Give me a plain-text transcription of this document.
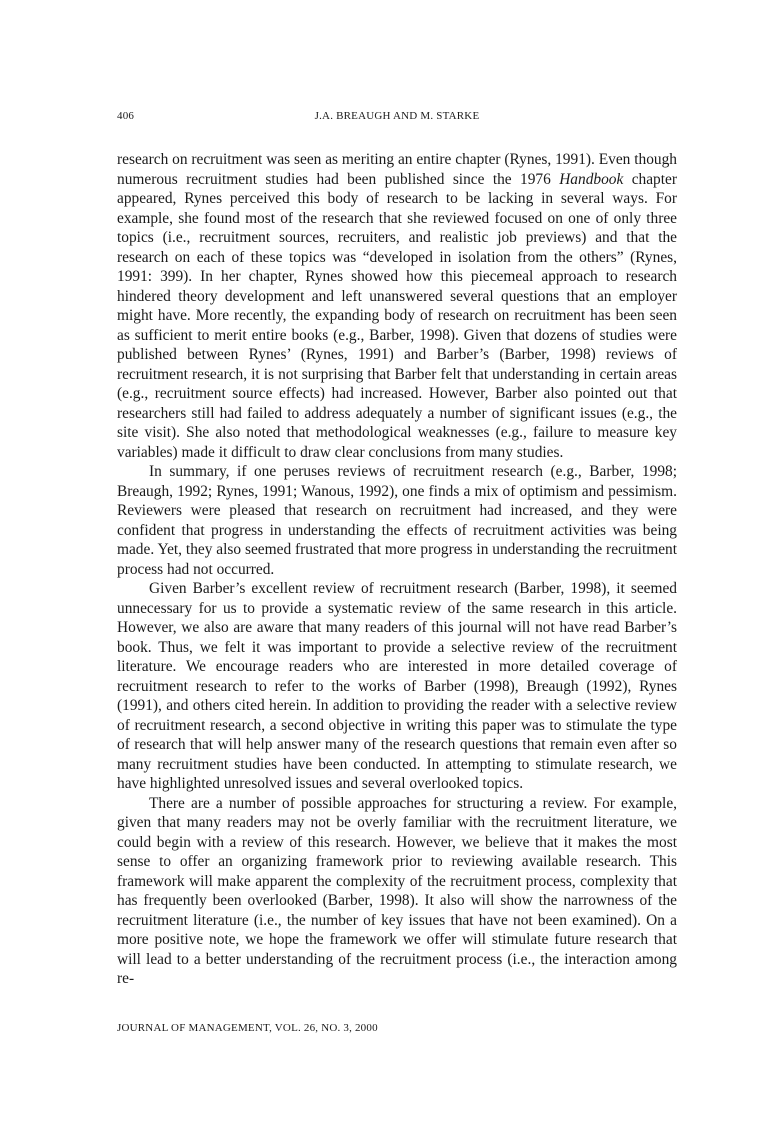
406	J.A. BREAUGH AND M. STARKE

research on recruitment was seen as meriting an entire chapter (Rynes, 1991). Even though numerous recruitment studies had been published since the 1976 Handbook chapter appeared, Rynes perceived this body of research to be lacking in several ways. For example, she found most of the research that she reviewed focused on one of only three topics (i.e., recruitment sources, recruiters, and realistic job previews) and that the research on each of these topics was “developed in isolation from the others” (Rynes, 1991: 399). In her chapter, Rynes showed how this piecemeal approach to research hindered theory development and left unanswered several questions that an employer might have. More recently, the expanding body of research on recruitment has been seen as sufficient to merit entire books (e.g., Barber, 1998). Given that dozens of studies were published between Rynes’ (Rynes, 1991) and Barber’s (Barber, 1998) reviews of recruitment research, it is not surprising that Barber felt that understanding in certain areas (e.g., recruitment source effects) had increased. However, Barber also pointed out that researchers still had failed to address adequately a number of significant issues (e.g., the site visit). She also noted that methodological weaknesses (e.g., failure to measure key variables) made it difficult to draw clear conclusions from many studies.

In summary, if one peruses reviews of recruitment research (e.g., Barber, 1998; Breaugh, 1992; Rynes, 1991; Wanous, 1992), one finds a mix of optimism and pessimism. Reviewers were pleased that research on recruitment had increased, and they were confident that progress in understanding the effects of recruitment activities was being made. Yet, they also seemed frustrated that more progress in understanding the recruitment process had not occurred.

Given Barber’s excellent review of recruitment research (Barber, 1998), it seemed unnecessary for us to provide a systematic review of the same research in this article. However, we also are aware that many readers of this journal will not have read Barber’s book. Thus, we felt it was important to provide a selective review of the recruitment literature. We encourage readers who are interested in more detailed coverage of recruitment research to refer to the works of Barber (1998), Breaugh (1992), Rynes (1991), and others cited herein. In addition to providing the reader with a selective review of recruitment research, a second objective in writing this paper was to stimulate the type of research that will help answer many of the research questions that remain even after so many recruitment studies have been conducted. In attempting to stimulate research, we have highlighted unresolved issues and several overlooked topics.

There are a number of possible approaches for structuring a review. For example, given that many readers may not be overly familiar with the recruitment literature, we could begin with a review of this research. However, we believe that it makes the most sense to offer an organizing framework prior to reviewing available research. This framework will make apparent the complexity of the recruitment process, complexity that has frequently been overlooked (Barber, 1998). It also will show the narrowness of the recruitment literature (i.e., the number of key issues that have not been examined). On a more positive note, we hope the framework we offer will stimulate future research that will lead to a better understanding of the recruitment process (i.e., the interaction among re-

JOURNAL OF MANAGEMENT, VOL. 26, NO. 3, 2000
